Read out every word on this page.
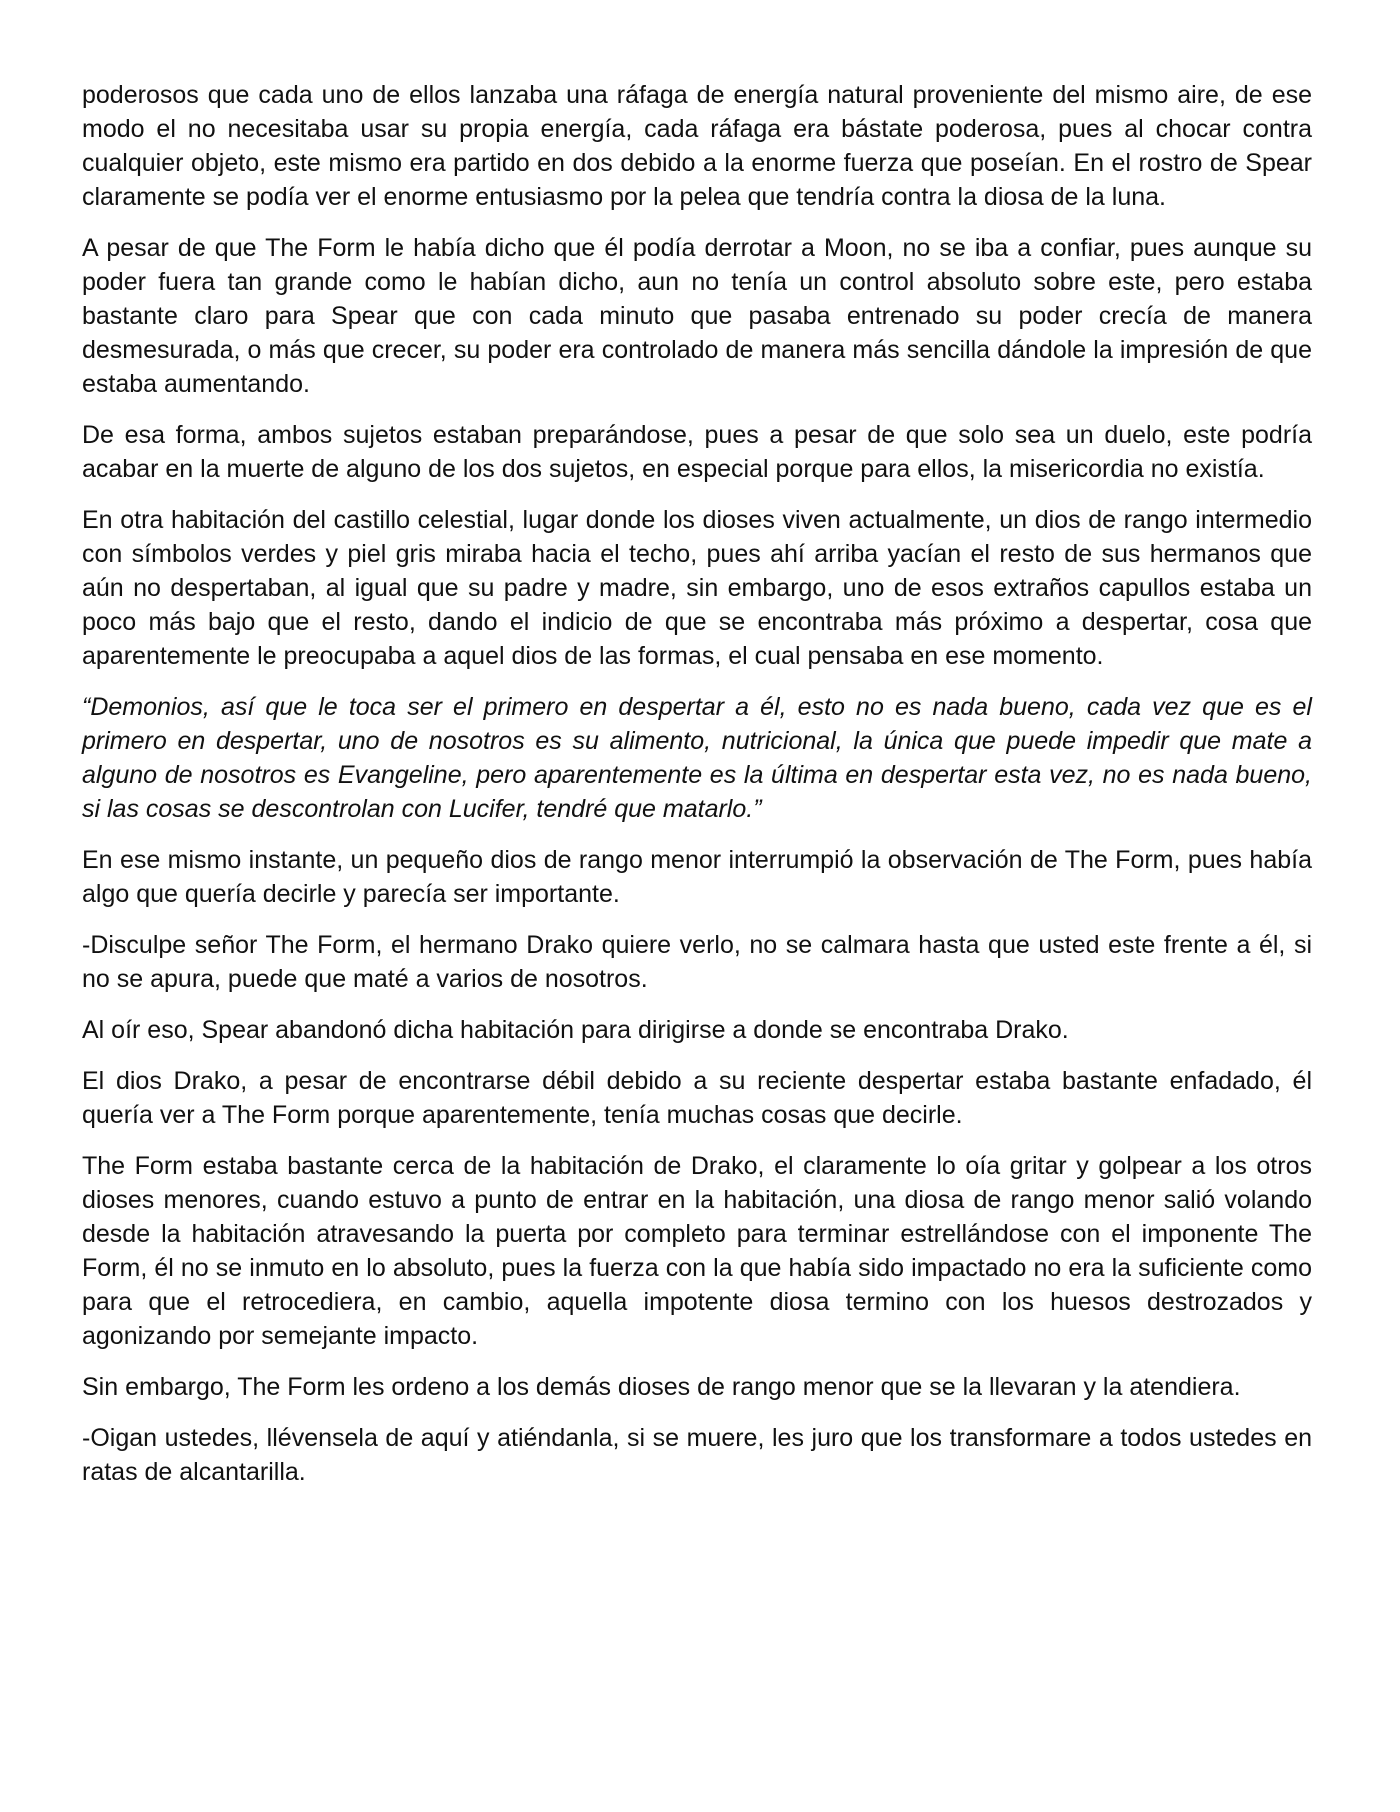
poderosos que cada uno de ellos lanzaba una ráfaga de energía natural proveniente del mismo aire, de ese modo el no necesitaba usar su propia energía, cada ráfaga era bástate poderosa, pues al chocar contra cualquier objeto, este mismo era partido en dos debido a la enorme fuerza que poseían. En el rostro de Spear claramente se podía ver el enorme entusiasmo por la pelea que tendría contra la diosa de la luna.

A pesar de que The Form le había dicho que él podía derrotar a Moon, no se iba a confiar, pues aunque su poder fuera tan grande como le habían dicho, aun no tenía un control absoluto sobre este, pero estaba bastante claro para Spear que con cada minuto que pasaba entrenado su poder crecía de manera desmesurada, o más que crecer, su poder era controlado de manera más sencilla dándole la impresión de que estaba aumentando.

De esa forma, ambos sujetos estaban preparándose, pues a pesar de que solo sea un duelo, este podría acabar en la muerte de alguno de los dos sujetos, en especial porque para ellos, la misericordia no existía.

En otra habitación del castillo celestial, lugar donde los dioses viven actualmente, un dios de rango intermedio con símbolos verdes y piel gris miraba hacia el techo, pues ahí arriba yacían el resto de sus hermanos que aún no despertaban, al igual que su padre y madre, sin embargo, uno de esos extraños capullos estaba un poco más bajo que el resto, dando el indicio de que se encontraba más próximo a despertar, cosa que aparentemente le preocupaba a aquel dios de las formas, el cual pensaba en ese momento.

“Demonios, así que le toca ser el primero en despertar a él, esto no es nada bueno, cada vez que es el primero en despertar, uno de nosotros es su alimento, nutricional, la única que puede impedir que mate a alguno de nosotros es Evangeline, pero aparentemente es la última en despertar esta vez, no es nada bueno, si las cosas se descontrolan con Lucifer, tendré que matarlo.”

En ese mismo instante, un pequeño dios de rango menor interrumpió la observación de The Form, pues había algo que quería decirle y parecía ser importante.

-Disculpe señor The Form, el hermano Drako quiere verlo, no se calmara hasta que usted este frente a él, si no se apura, puede que maté a varios de nosotros.

Al oír eso, Spear abandonó dicha habitación para dirigirse a donde se encontraba Drako.

El dios Drako, a pesar de encontrarse débil debido a su reciente despertar estaba bastante enfadado, él quería ver a The Form porque aparentemente, tenía muchas cosas que decirle.

The Form estaba bastante cerca de la habitación de Drako, el claramente lo oía gritar y golpear a los otros dioses menores, cuando estuvo a punto de entrar en la habitación, una diosa de rango menor salió volando desde la habitación atravesando la puerta por completo para terminar estrellándose con el imponente The Form, él no se inmuto en lo absoluto, pues la fuerza con la que había sido impactado no era la suficiente como para que el retrocediera, en cambio, aquella impotente diosa termino con los huesos destrozados y agonizando por semejante impacto.

Sin embargo, The Form les ordeno a los demás dioses de rango menor que se la llevaran y la atendiera.

-Oigan ustedes, llévensela de aquí y atiéndanla, si se muere, les juro que los transformare a todos ustedes en ratas de alcantarilla.
